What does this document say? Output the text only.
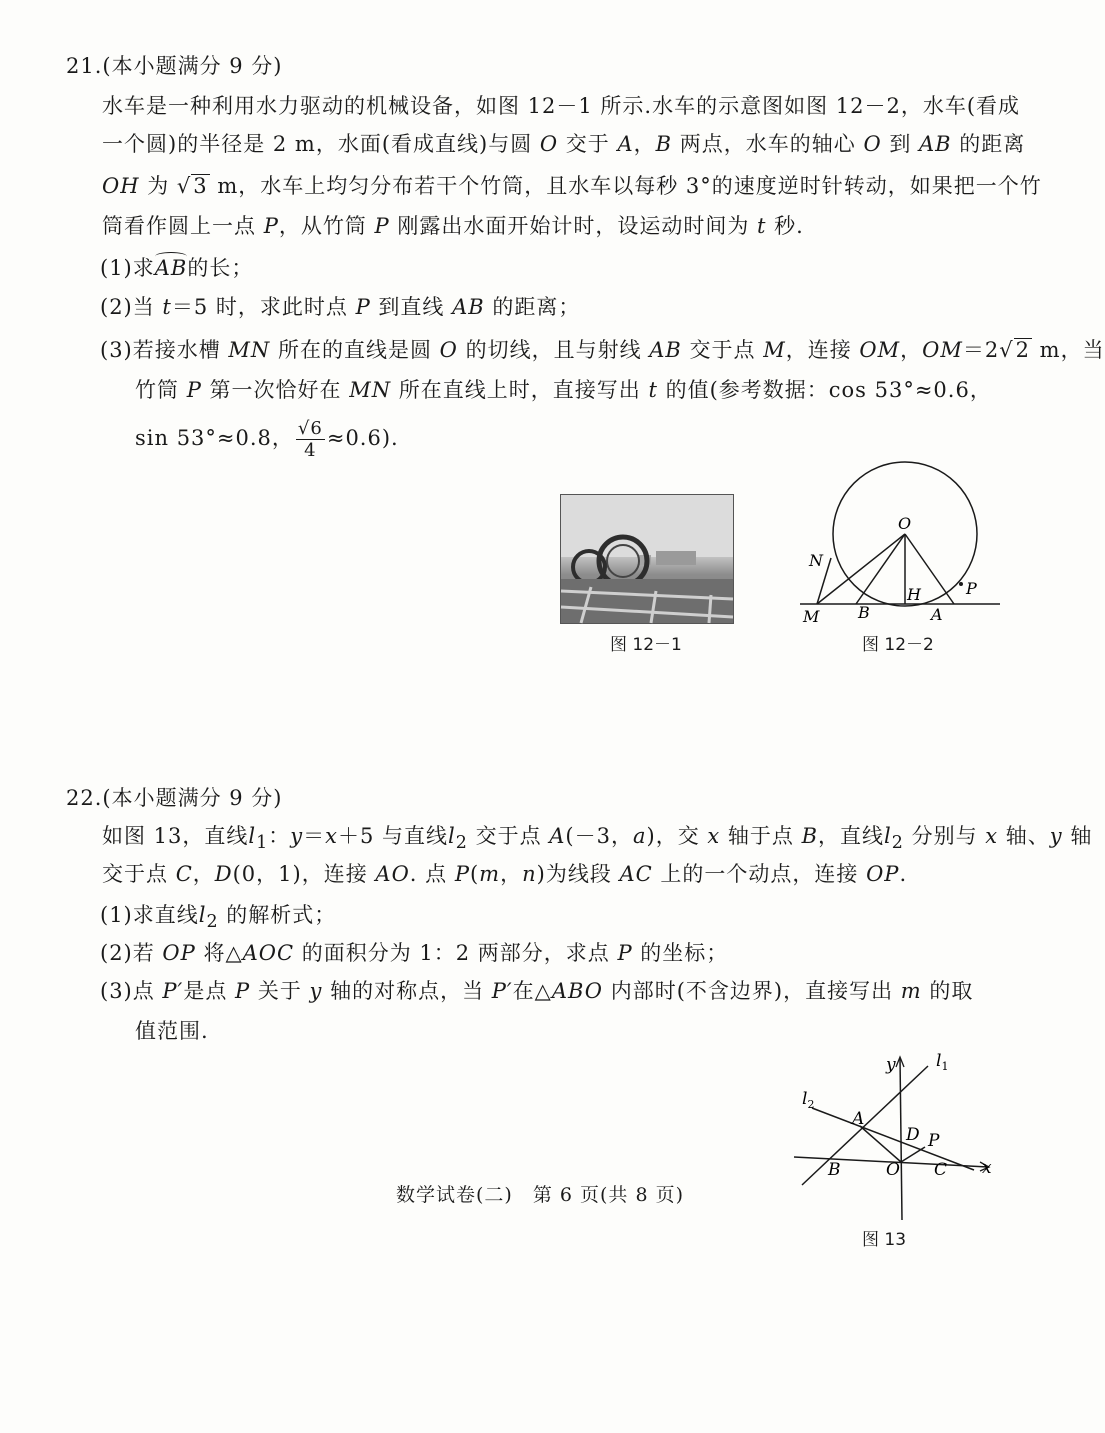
21.(本小题满分 9 分)
水车是一种利用水力驱动的机械设备，如图 12－1 所示.水车的示意图如图 12－2，水车(看成
一个圆)的半径是 2 m，水面(看成直线)与圆 O 交于 A，B 两点，水车的轴心 O 到 AB 的距离
OH 为 √3 m，水车上均匀分布若干个竹筒，且水车以每秒 3°的速度逆时针转动，如果把一个竹
筒看作圆上一点 P，从竹筒 P 刚露出水面开始计时，设运动时间为 t 秒.
(1)求AB的长；
(2)当 t＝5 时，求此时点 P 到直线 AB 的距离；
(3)若接水槽 MN 所在的直线是圆 O 的切线，且与射线 AB 交于点 M，连接 OM，OM＝2√2 m，当
竹筒 P 第一次恰好在 MN 所在直线上时，直接写出 t 的值(参考数据：cos 53°≈0.6，
sin 53°≈0.8， $\frac{√6}{4} \approx 0.6$).
图 12－1
O
N
M B
H
A
P
图 12－2
22.(本小题满分 9 分)
如图 13，直线$l_1$：y＝x＋5 与直线$l_2$ 交于点 A(－3，a)，交 x 轴于点 B，直线$l_2$ 分别与 x 轴、y 轴
交于点 C，D(0，1)，连接 AO. 点 P(m，n)为线段 AC 上的一个动点，连接 OP.
(1)求直线$l_2$ 的解析式；
(2)若 OP 将△AOC 的面积分为 1：2 两部分，求点 P 的坐标；
(3)点 P′是点 P 关于 y 轴的对称点，当 P′在△ABO 内部时(不含边界)，直接写出 m 的取
值范围.
y $l_1$
$l_2$
A
D P
B	O C x
图 13
数学试卷(二)　第 6 页(共 8 页)
